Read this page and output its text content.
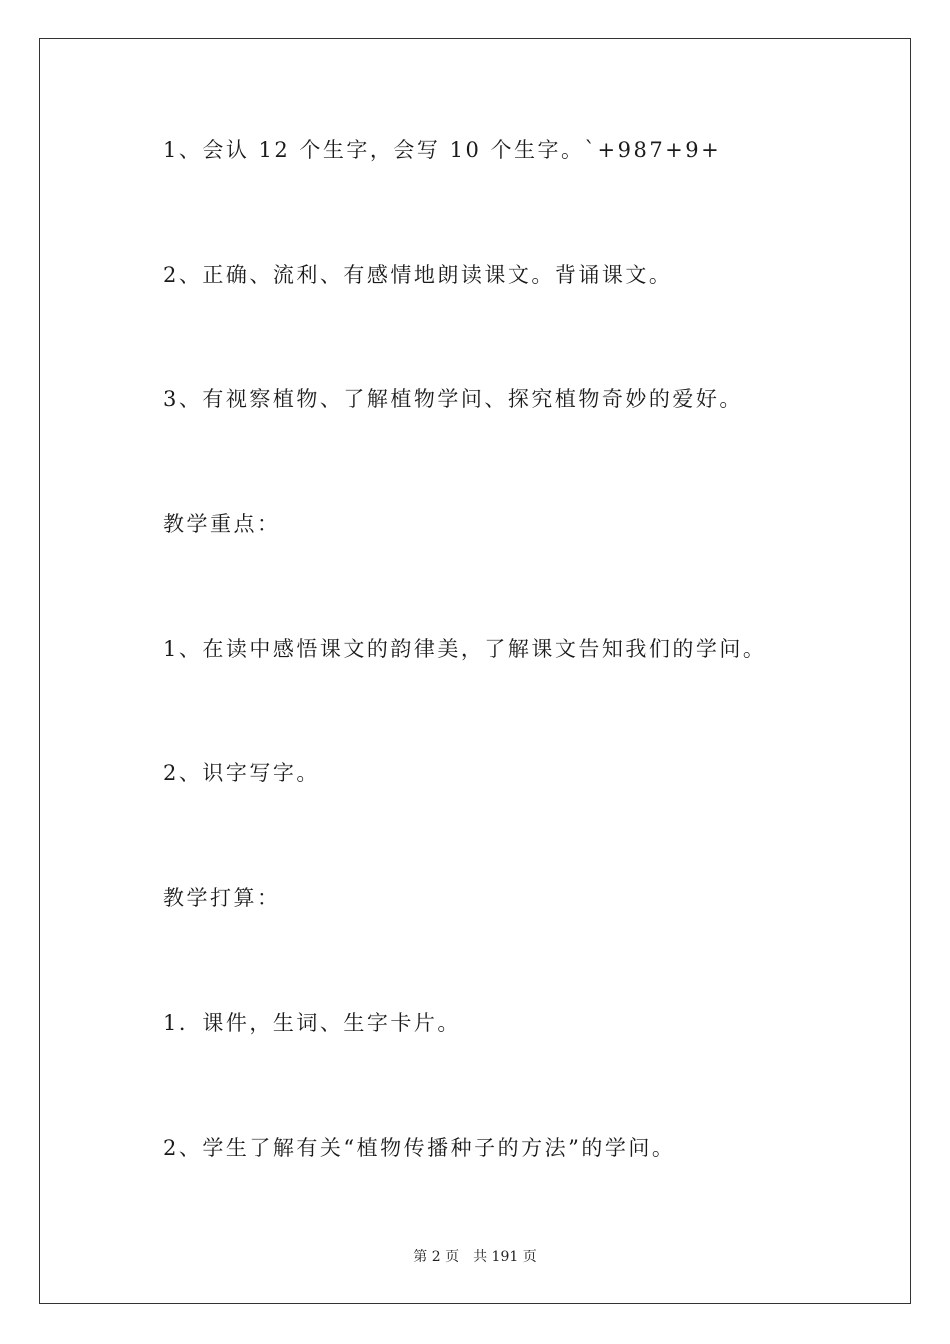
1、会认 12 个生字，会写 10 个生字。`+987+9+
2、正确、流利、有感情地朗读课文。背诵课文。
3、有视察植物、了解植物学问、探究植物奇妙的爱好。
教学重点：
1、在读中感悟课文的韵律美，了解课文告知我们的学问。
2、识字写字。
教学打算：
1．课件，生词、生字卡片。
2、学生了解有关“植物传播种子的方法”的学问。
第 2 页 共 191 页
